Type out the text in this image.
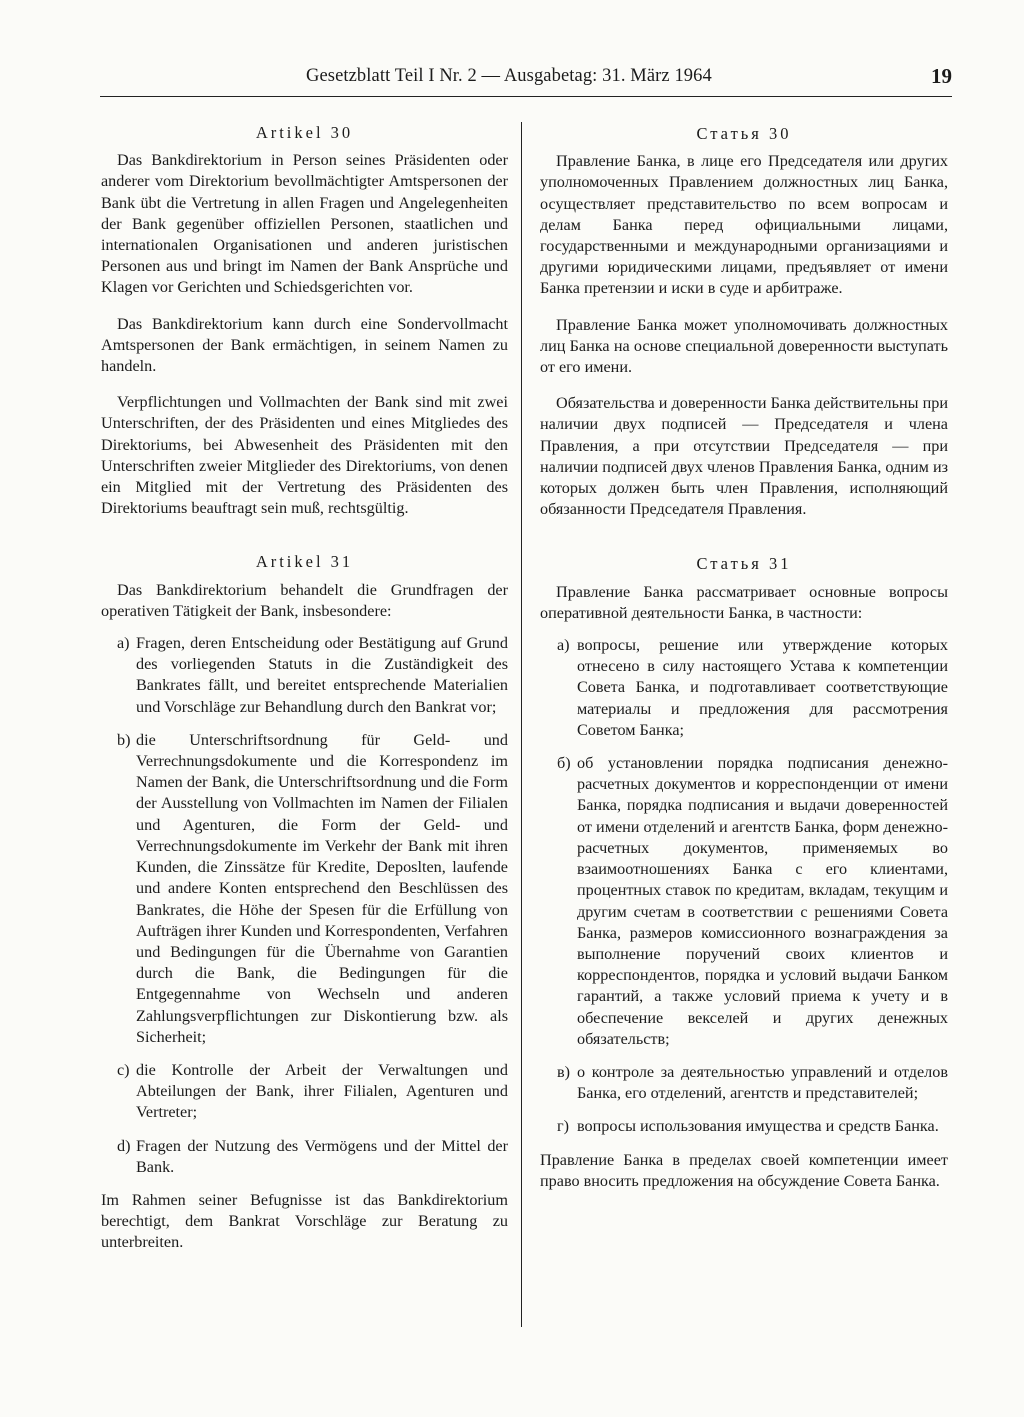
Gesetzblatt Teil I Nr. 2 — Ausgabetag: 31. März 1964	19
Artikel 30

Das Bankdirektorium in Person seines Präsidenten oder anderer vom Direktorium bevollmächtigter Amtspersonen der Bank übt die Vertretung in allen Fragen und Angelegenheiten der Bank gegenüber offiziellen Personen, staatlichen und internationalen Organisationen und anderen juristischen Personen aus und bringt im Namen der Bank Ansprüche und Klagen vor Gerichten und Schiedsgerichten vor.

Das Bankdirektorium kann durch eine Sondervollmacht Amtspersonen der Bank ermächtigen, in seinem Namen zu handeln.

Verpflichtungen und Vollmachten der Bank sind mit zwei Unterschriften, der des Präsidenten und eines Mitgliedes des Direktoriums, bei Abwesenheit des Präsidenten mit den Unterschriften zweier Mitglieder des Direktoriums, von denen ein Mitglied mit der Vertretung des Präsidenten des Direktoriums beauftragt sein muß, rechtsgültig.

Artikel 31

Das Bankdirektorium behandelt die Grundfragen der operativen Tätigkeit der Bank, insbesondere:

a) Fragen, deren Entscheidung oder Bestätigung auf Grund des vorliegenden Statuts in die Zuständigkeit des Bankrates fällt, und bereitet entsprechende Materialien und Vorschläge zur Behandlung durch den Bankrat vor;
b) die Unterschriftsordnung für Geld- und Verrechnungsdokumente und die Korrespondenz im Namen der Bank, die Unterschriftsordnung und die Form der Ausstellung von Vollmachten im Namen der Filialen und Agenturen, die Form der Geld- und Verrechnungsdokumente im Verkehr der Bank mit ihren Kunden, die Zinssätze für Kredite, Deposlten, laufende und andere Konten entsprechend den Beschlüssen des Bankrates, die Höhe der Spesen für die Erfüllung von Aufträgen ihrer Kunden und Korrespondenten, Verfahren und Bedingungen für die Übernahme von Garantien durch die Bank, die Bedingungen für die Entgegennahme von Wechseln und anderen Zahlungsverpflichtungen zur Diskontierung bzw. als Sicherheit;
c) die Kontrolle der Arbeit der Verwaltungen und Abteilungen der Bank, ihrer Filialen, Agenturen und Vertreter;
d) Fragen der Nutzung des Vermögens und der Mittel der Bank.

Im Rahmen seiner Befugnisse ist das Bankdirektorium berechtigt, dem Bankrat Vorschläge zur Beratung zu unterbreiten.

Статья 30

Правление Банка, в лице его Председателя или других уполномоченных Правлением должностных лиц Банка, осуществляет представительство по всем вопросам и делам Банка перед официальными лицами, государственными и международными организациями и другими юридическими лицами, предъявляет от имени Банка претензии и иски в суде и арбитраже.

Правление Банка может уполномочивать должностных лиц Банка на основе специальной доверенности выступать от его имени.

Обязательства и доверенности Банка действительны при наличии двух подписей — Председателя и члена Правления, а при отсутствии Председателя — при наличии подписей двух членов Правления Банка, одним из которых должен быть член Правления, исполняющий обязанности Председателя Правления.

Статья 31

Правление Банка рассматривает основные вопросы оперативной деятельности Банка, в частности:

а) вопросы, решение или утверждение которых отнесено в силу настоящего Устава к компетенции Совета Банка, и подготавливает соответствующие материалы и предложения для рассмотрения Советом Банка;
б) об установлении порядка подписания денежно-расчетных документов и корреспонденции от имени Банка, порядка подписания и выдачи доверенностей от имени отделений и агентств Банка, форм денежно-расчетных документов, применяемых во взаимоотношениях Банка с его клиентами, процентных ставок по кредитам, вкладам, текущим и другим счетам в соответствии с решениями Совета Банка, размеров комиссионного вознаграждения за выполнение поручений своих клиентов и корреспондентов, порядка и условий выдачи Банком гарантий, а также условий приема к учету и в обеспечение векселей и других денежных обязательств;
в) о контроле за деятельностью управлений и отделов Банка, его отделений, агентств и представителей;
г) вопросы использования имущества и средств Банка.

Правление Банка в пределах своей компетенции имеет право вносить предложения на обсуждение Совета Банка.
